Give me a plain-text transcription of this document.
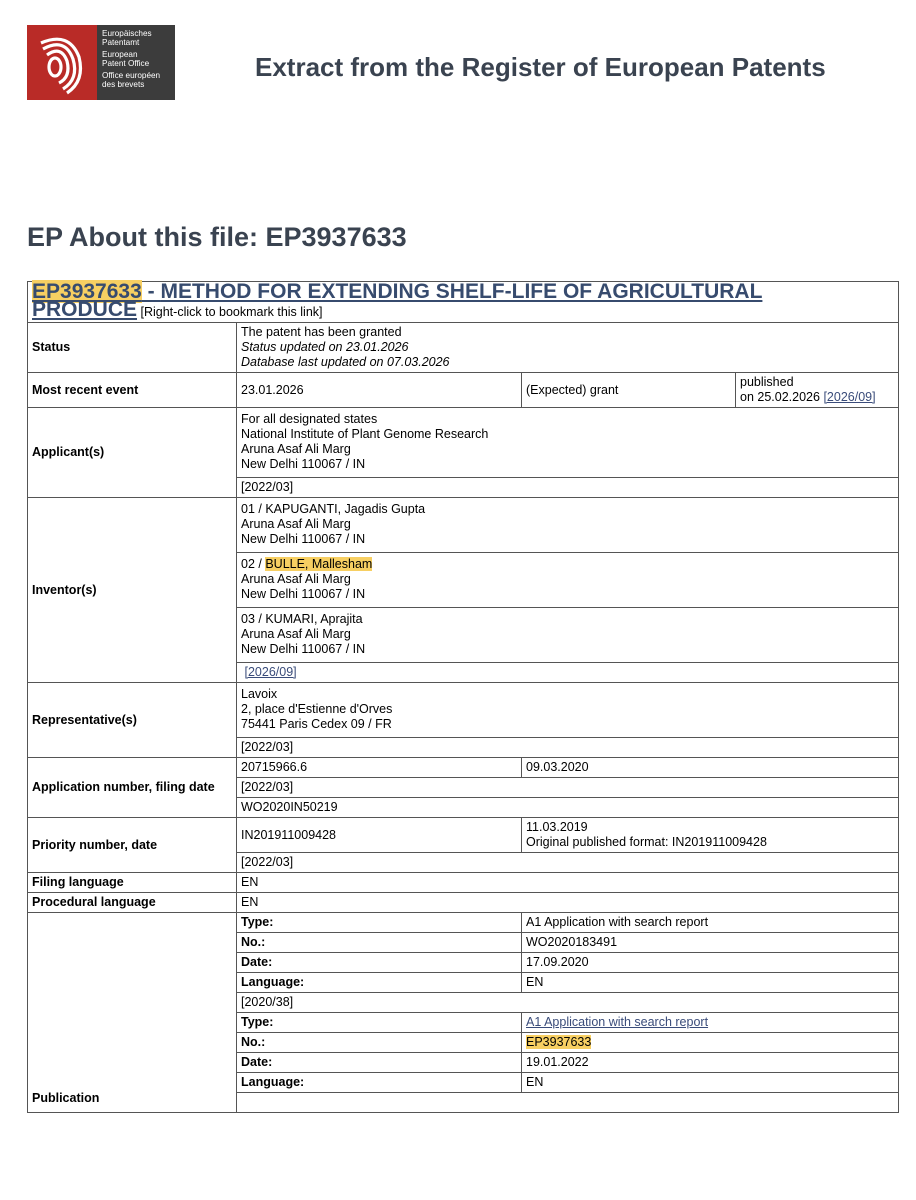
Europäisches
Patentamt
European
Patent Office
Office européen
des brevets
Extract from the Register of European Patents
EP About this file: EP3937633
EP3937633 - METHOD FOR EXTENDING SHELF-LIFE OF AGRICULTURAL
PRODUCE [Right-click to bookmark this link]			
Status	The patent has been granted
Status updated on 23.01.2026
Database last updated on 07.03.2026		

Most recent event	23.01.2026	(Expected) grant	published
on 25.02.2026 [2026/09]

Applicant(s)	For all designated states
National Institute of Plant Genome Research
Aruna Asaf Ali Marg
New Delhi 110067 / IN		

	[2022/03]		
Inventor(s)	01 / KAPUGANTI, Jagadis Gupta
Aruna Asaf Ali Marg
New Delhi 110067 / IN		

	02 / BULLE, Mallesham
Aruna Asaf Ali Marg
New Delhi 110067 / IN		

	03 / KUMARI, Aprajita
Aruna Asaf Ali Marg
New Delhi 110067 / IN		

	[2026/09]		
Representative(s)	Lavoix
2, place d'Estienne d'Orves
75441 Paris Cedex 09 / FR		

	[2022/03]		
Application number, filing date	20715966.6	09.03.2020	
	[2022/03]		
	WO2020IN50219		
Priority number, date	IN201911009428	11.03.2019
Original published format: IN201911009428	

	[2022/03]		
Filing language	EN		
Procedural language	EN		
Publication	Type:	A1 Application with search report	
	No.:	WO2020183491	
	Date:	17.09.2020	
	Language:	EN	
	[2020/38]		
	Type:	A1 Application with search report	
	No.:	EP3937633	
	Date:	19.01.2022	
	Language:	EN	
